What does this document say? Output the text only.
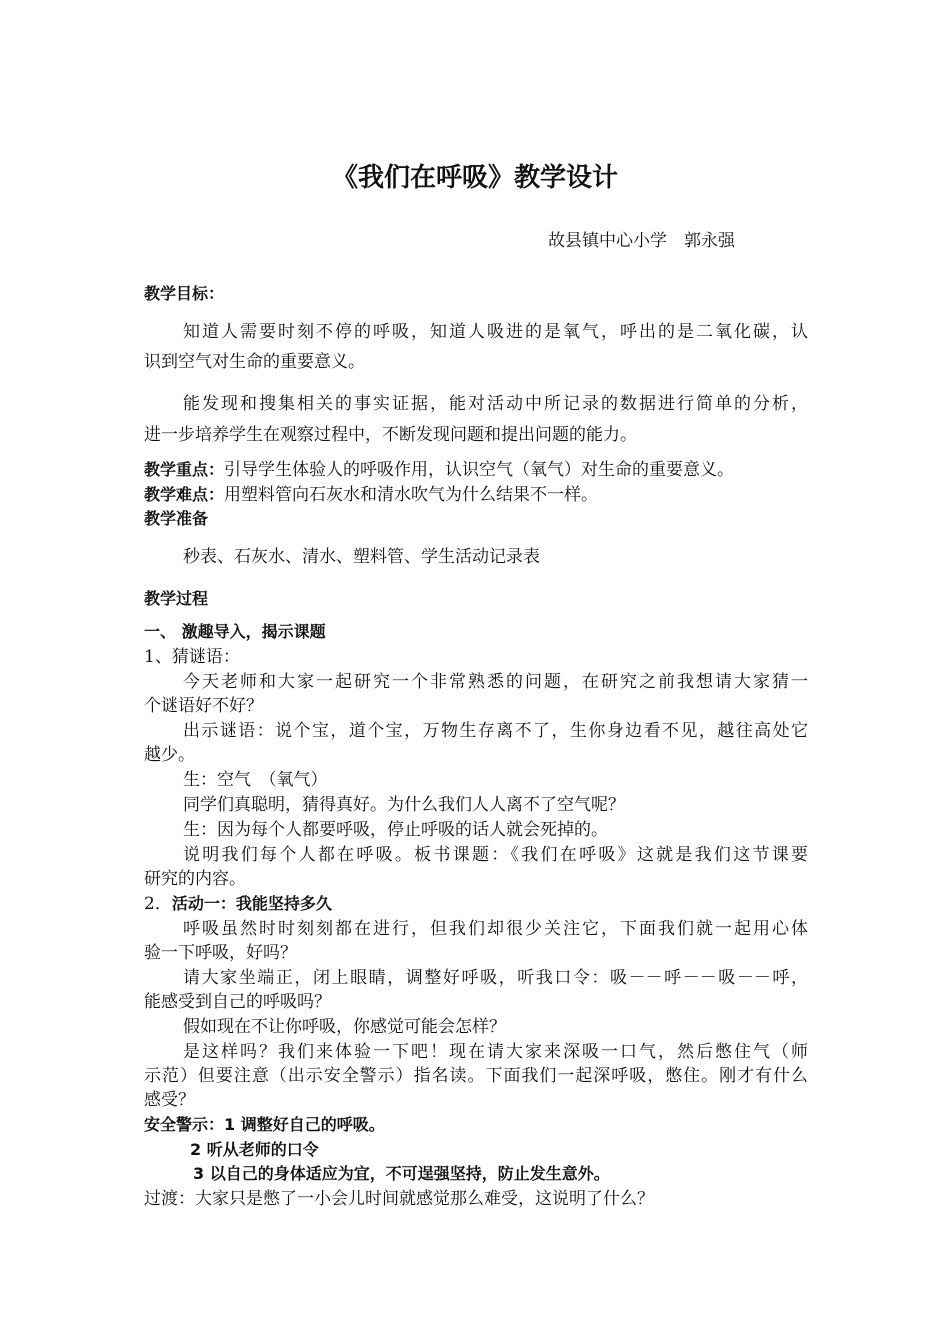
《我们在呼吸》教学设计
故县镇中心小学　郭永强
教学目标：
知道人需要时刻不停的呼吸，知道人吸进的是氧气，呼出的是二氧化碳，认
识到空气对生命的重要意义。
能发现和搜集相关的事实证据，能对活动中所记录的数据进行简单的分析，
进一步培养学生在观察过程中，不断发现问题和提出问题的能力。
教学重点：引导学生体验人的呼吸作用，认识空气（氧气）对生命的重要意义。
教学难点：用塑料管向石灰水和清水吹气为什么结果不一样。
教学准备
秒表、石灰水、清水、塑料管、学生活动记录表
教学过程
一、 激趣导入，揭示课题
1、猜谜语：
今天老师和大家一起研究一个非常熟悉的问题，在研究之前我想请大家猜一
个谜语好不好？
出示谜语：说个宝，道个宝，万物生存离不了，生你身边看不见，越往高处它
越少。
生：空气　（氧气）
同学们真聪明，猜得真好。为什么我们人人离不了空气呢？
生：因为每个人都要呼吸，停止呼吸的话人就会死掉的。
说明我们每个人都在呼吸。板书课题：《我们在呼吸》这就是我们这节课要
研究的内容。
2．活动一：我能坚持多久
呼吸虽然时时刻刻都在进行，但我们却很少关注它，下面我们就一起用心体
验一下呼吸，好吗？
请大家坐端正，闭上眼睛，调整好呼吸，听我口令：吸－－呼－－吸－－呼，
能感受到自己的呼吸吗？
假如现在不让你呼吸，你感觉可能会怎样？
是这样吗？我们来体验一下吧！现在请大家来深吸一口气，然后憋住气（师
示范）但要注意（出示安全警示）指名读。下面我们一起深呼吸，憋住。刚才有什么
感受？
安全警示：1 调整好自己的呼吸。
2 听从老师的口令
3 以自己的身体适应为宜，不可逞强坚持，防止发生意外。
过渡：大家只是憋了一小会儿时间就感觉那么难受，这说明了什么？
